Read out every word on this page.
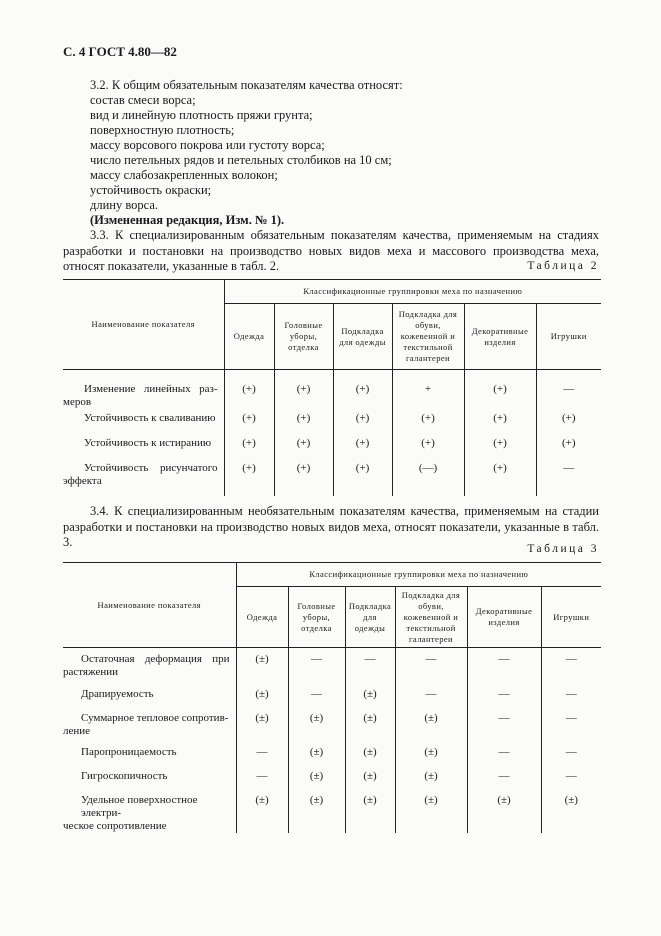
С. 4 ГОСТ 4.80—82
3.2. К общим обязательным показателям качества относят:
состав смеси ворса;
вид и линейную плотность пряжи грунта;
поверхностную плотность;
массу ворсового покрова или густоту ворса;
число петельных рядов и петельных столбиков на 10 см;
массу слабозакрепленных волокон;
устойчивость окраски;
длину ворса.
(Измененная редакция, Изм. № 1).
3.3. К специализированным обязательным показателям качества, применяемым на стадиях разработки и постановки на производство новых видов меха и массового производства меха, относят показатели, указанные в табл. 2.	Таблица 2
Наименование показателя	Классификационные группировки меха по назначению					
	Одежда	Головные уборы, отделка	Подкладка для одежды	Подкладка для обуви, кожевенной и текстильной галантереи	Декоративные изделия	Игрушки

Изменение линейных раз-
меров	(+)	(+)	(+)	+	(+)	—
Устойчивость к сваливанию	(+)	(+)	(+)	(+)	(+)	(+)
Устойчивость к истиранию	(+)	(+)	(+)	(+)	(+)	(+)

Устойчивость рисунчатого
эффекта	(+)	(+)	(+)	(—)	(+)	—
3.4. К специализированным необязательным показателям качества, применяемым на стадии разработки и постановки на производство новых видов меха, относят показатели, указанные в табл. 3.	Таблица 3
Наименование показателя	Классификационные группировки меха по назначению					
	Одежда	Головные уборы, отделка	Подкладка для одежды	Подкладка для обуви, кожевенной и текстильной галантереи	Декоративные изделия	Игрушки

Остаточная деформация при
растяжении	(±)	—	—	—	—	—
Драпируемость	(±)	—	(±)	—	—	—

Суммарное тепловое сопротив-
ление	(±)	(±)	(±)	(±)	—	—
Паропроницаемость	—	(±)	(±)	(±)	—	—
Гигроскопичность	—	(±)	(±)	(±)	—	—

Удельное поверхностное электри-
ческое сопротивление	(±)	(±)	(±)	(±)	(±)	(±)
